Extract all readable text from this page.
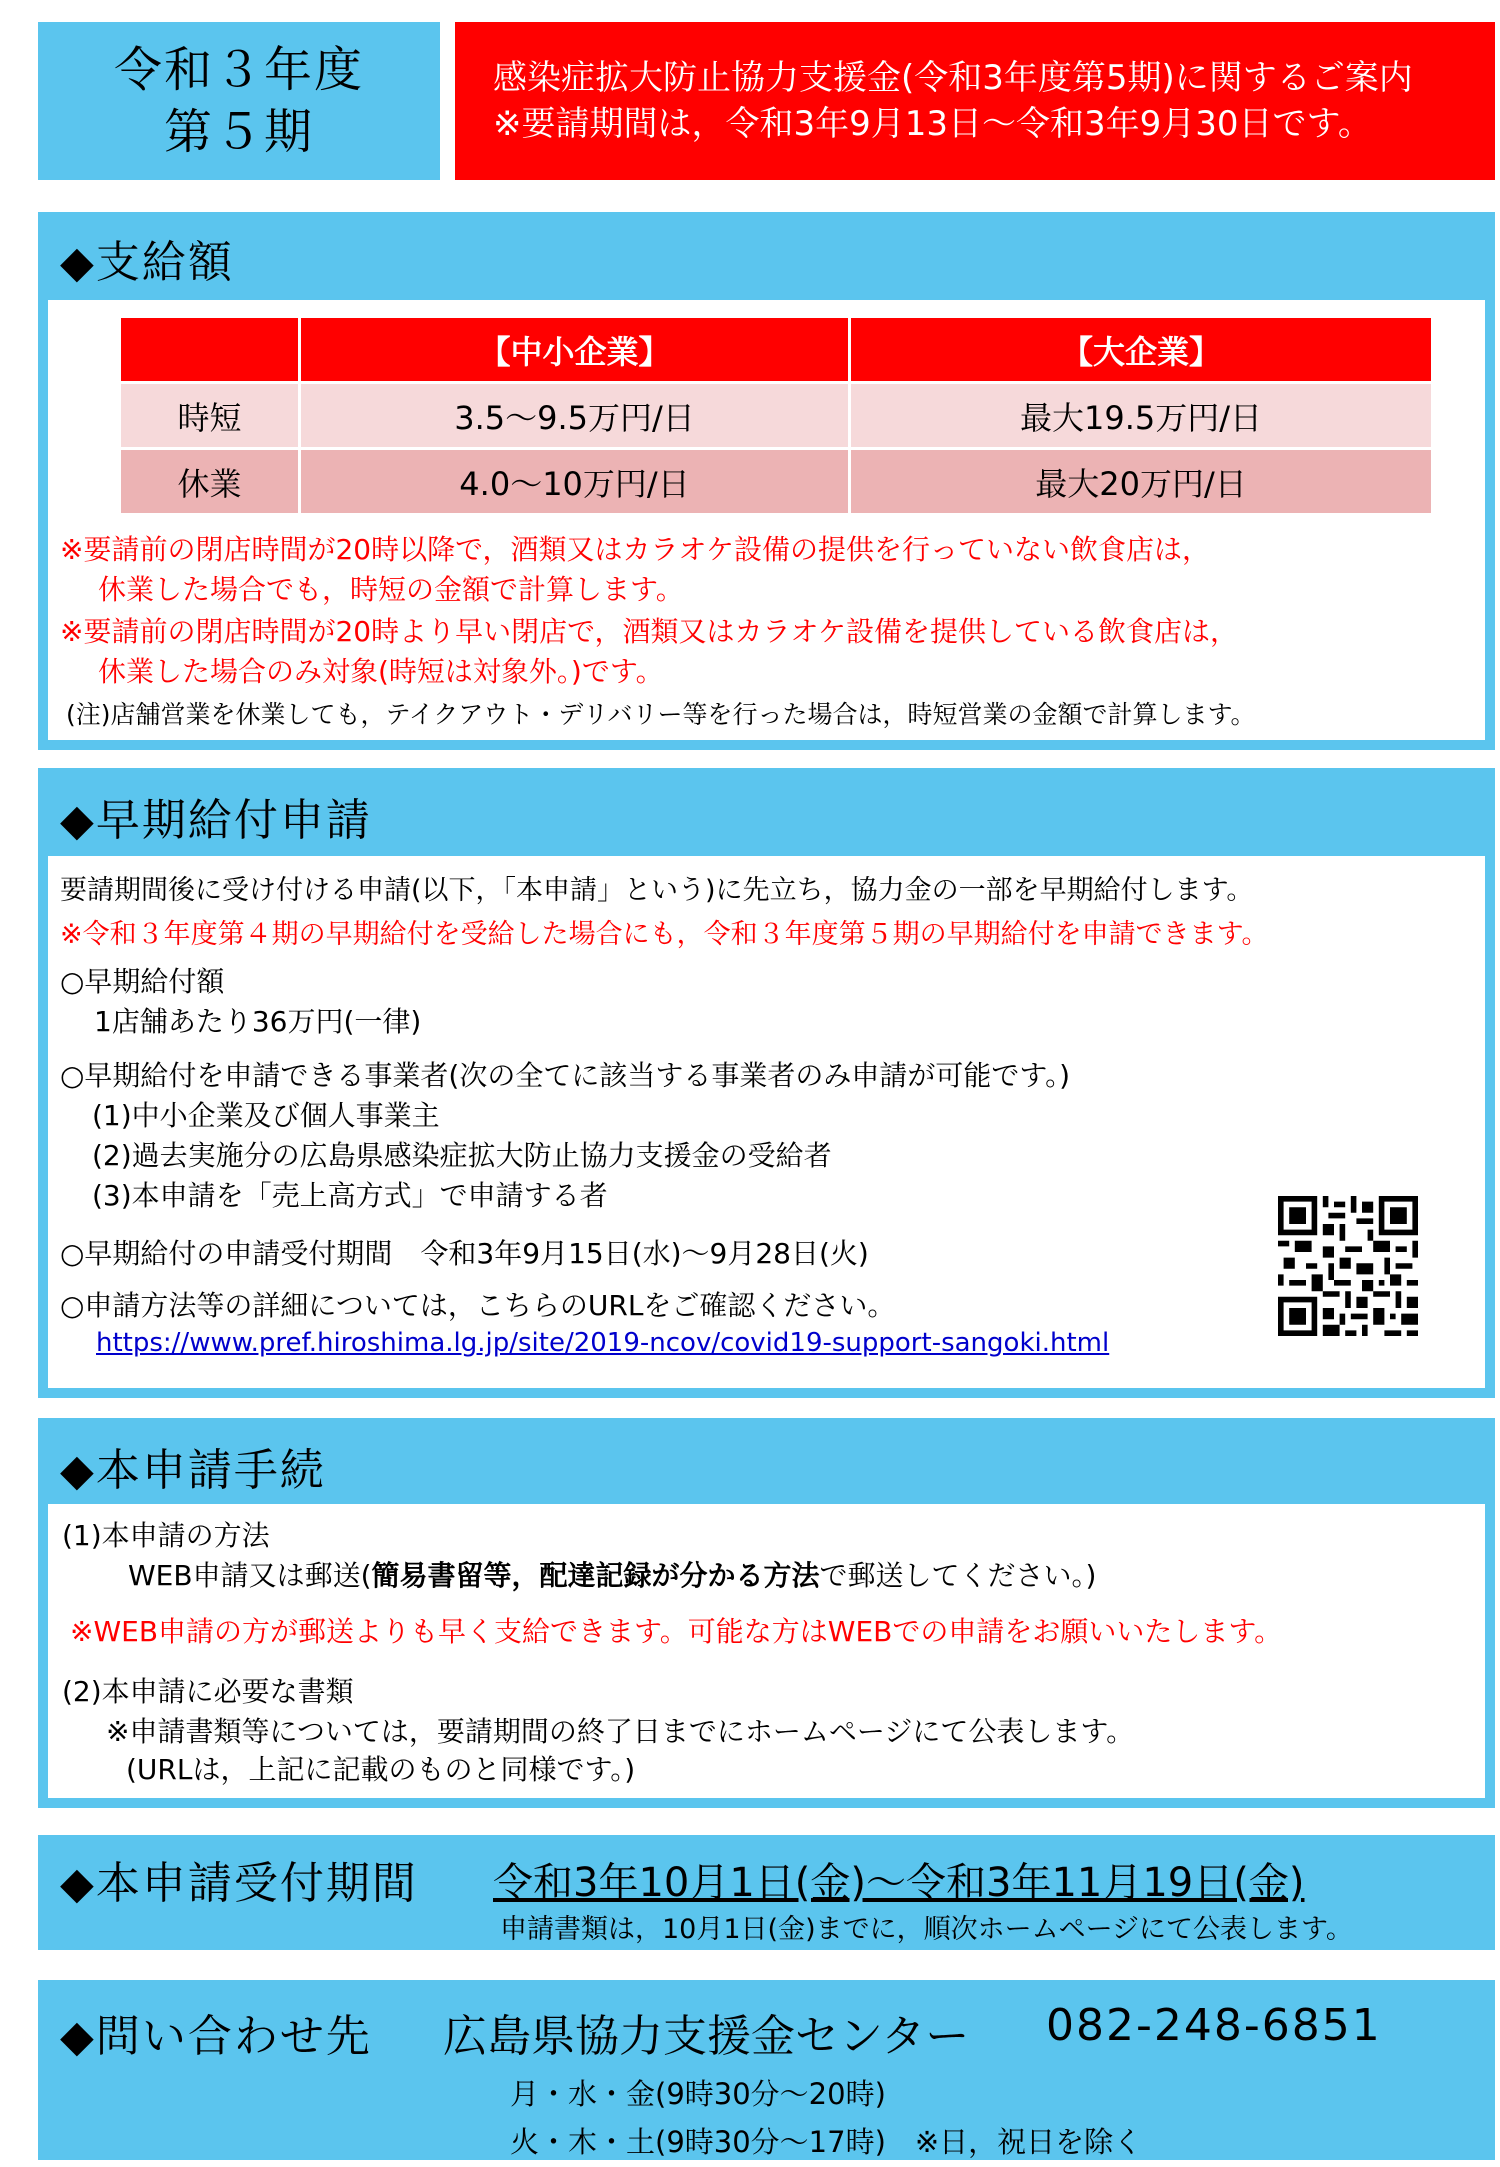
令和３年度
第５期
感染症拡大防止協力支援金(令和3年度第5期)に関するご案内
※要請期間は，令和3年9月13日～令和3年9月30日です。
◆支給額
	【中小企業】	【大企業】
時短	3.5～9.5万円/日	最大19.5万円/日
休業	4.0～10万円/日	最大20万円/日
※要請前の閉店時間が20時以降で，酒類又はカラオケ設備の提供を行っていない飲食店は，
休業した場合でも，時短の金額で計算します。
※要請前の閉店時間が20時より早い閉店で，酒類又はカラオケ設備を提供している飲食店は，
休業した場合のみ対象(時短は対象外。)です。
(注)店舗営業を休業しても，テイクアウト・デリバリー等を行った場合は，時短営業の金額で計算します。
◆早期給付申請
要請期間後に受け付ける申請(以下，「本申請」という)に先立ち，協力金の一部を早期給付します。
※令和３年度第４期の早期給付を受給した場合にも，令和３年度第５期の早期給付を申請できます。
○早期給付額
1店舗あたり36万円(一律)
○早期給付を申請できる事業者(次の全てに該当する事業者のみ申請が可能です。)
(1)中小企業及び個人事業主
(2)過去実施分の広島県感染症拡大防止協力支援金の受給者
(3)本申請を「売上高方式」で申請する者
○早期給付の申請受付期間　令和3年9月15日(水)～9月28日(火)
○申請方法等の詳細については，こちらのURLをご確認ください。
https://www.pref.hiroshima.lg.jp/site/2019-ncov/covid19-support-sangoki.html
◆本申請手続
(1)本申請の方法
WEB申請又は郵送(簡易書留等，配達記録が分かる方法で郵送してください。)
※WEB申請の方が郵送よりも早く支給できます。可能な方はWEBでの申請をお願いいたします。
(2)本申請に必要な書類
※申請書類等については，要請期間の終了日までにホームページにて公表します。
(URLは，上記に記載のものと同様です。)
◆本申請受付期間 令和3年10月1日(金)～令和3年11月19日(金)
申請書類は，10月1日(金)までに，順次ホームページにて公表します。
◆問い合わせ先 広島県協力支援金センター 082-248-6851
月・水・金(9時30分～20時)
火・木・土(9時30分～17時)　※日，祝日を除く
